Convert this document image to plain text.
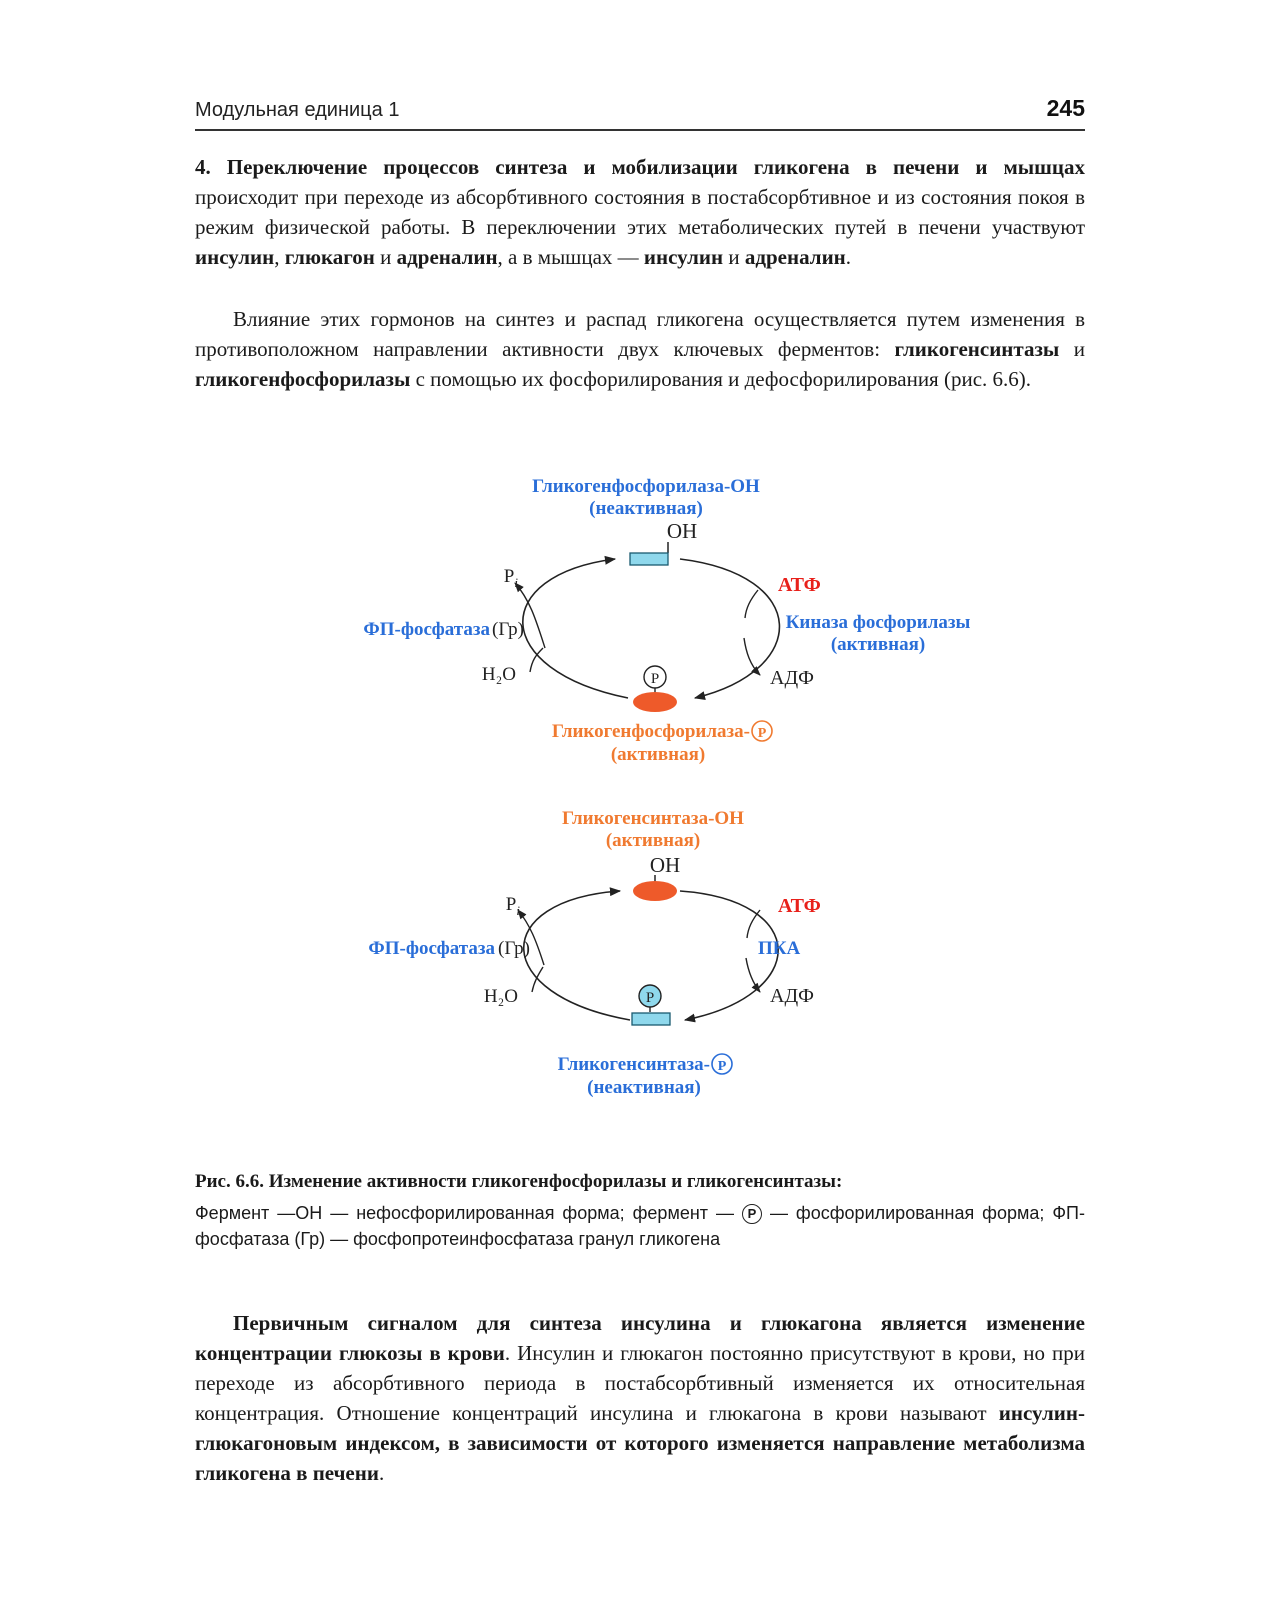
Модульная единица 1	245

4. Переключение процессов синтеза и мобилизации гликогена в печени и мышцах происходит при переходе из абсорбтивного состояния в постабсорбтивное и из состояния покоя в режим физической работы. В переключении этих метаболических путей в печени участвуют инсулин, глюкагон и адреналин, а в мышцах — инсулин и адреналин.

Влияние этих гормонов на синтез и распад гликогена осуществляется путем изменения в противоположном направлении активности двух ключевых ферментов: гликогенсинтазы и гликогенфосфорилазы с помощью их фосфорилирования и дефосфорилирования (рис. 6.6).

Гликогенфосфорилаза-ОН
(неактивная)
ОН
$P_i$
H₂O
ФП-фосфатаза (Гр)
АТФ
Киназа фосфорилазы
(активная)
АДФ
P
Гликогенфосфорилаза- P
(активная)
Гликогенсинтаза-ОН
(активная)
ОН
$P_i$
H₂O
ФП-фосфатаза (Гр)
АТФ
ПКА
АДФ
P
Гликогенсинтаза- P
(неактивная)
Рис. 6.6. Изменение активности гликогенфосфорилазы и гликогенсинтазы:
Фермент —ОН — нефосфорилированная форма; фермент — P — фосфорилированная форма; ФП-фосфатаза (Гр) — фосфопротеинфосфатаза гранул гликогена

Первичным сигналом для синтеза инсулина и глюкагона является изменение концентрации глюкозы в крови. Инсулин и глюкагон постоянно присутствуют в крови, но при переходе из абсорбтивного периода в постабсорбтивный изменяется их относительная концентрация. Отношение концентраций инсулина и глюкагона в крови называют инсулин-глюкагоновым индексом, в зависимости от которого изменяется направление метаболизма гликогена в печени.
